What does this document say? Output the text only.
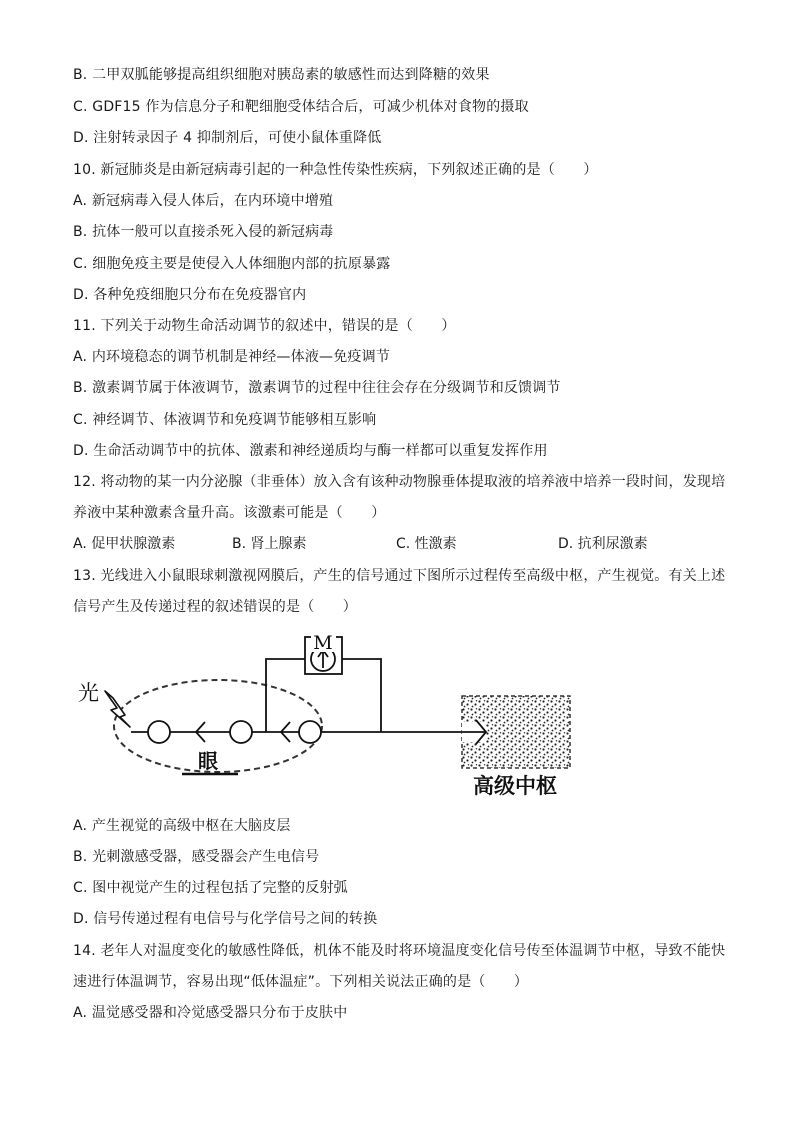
B. 二甲双胍能够提高组织细胞对胰岛素的敏感性而达到降糖的效果
C. GDF15 作为信息分子和靶细胞受体结合后，可减少机体对食物的摄取
D. 注射转录因子 4 抑制剂后，可使小鼠体重降低
10. 新冠肺炎是由新冠病毒引起的一种急性传染性疾病，下列叙述正确的是（　　）
A. 新冠病毒入侵人体后，在内环境中增殖
B. 抗体一般可以直接杀死入侵的新冠病毒
C. 细胞免疫主要是使侵入人体细胞内部的抗原暴露
D. 各种免疫细胞只分布在免疫器官内
11. 下列关于动物生命活动调节的叙述中，错误的是（　　）
A. 内环境稳态的调节机制是神经—体液—免疫调节
B. 激素调节属于体液调节，激素调节的过程中往往会存在分级调节和反馈调节
C. 神经调节、体液调节和免疫调节能够相互影响
D. 生命活动调节中的抗体、激素和神经递质均与酶一样都可以重复发挥作用
12. 将动物的某一内分泌腺（非垂体）放入含有该种动物腺垂体提取液的培养液中培养一段时间，发现培
养液中某种激素含量升高。该激素可能是（　　）
A. 促甲状腺激素	B. 肾上腺素	C. 性激素	D. 抗利尿激素
13. 光线进入小鼠眼球刺激视网膜后，产生的信号通过下图所示过程传至高级中枢，产生视觉。有关上述
信号产生及传递过程的叙述错误的是（　　）
光
M
眼
高级中枢
A. 产生视觉的高级中枢在大脑皮层
B. 光刺激感受器，感受器会产生电信号
C. 图中视觉产生的过程包括了完整的反射弧
D. 信号传递过程有电信号与化学信号之间的转换
14. 老年人对温度变化的敏感性降低，机体不能及时将环境温度变化信号传至体温调节中枢，导致不能快
速进行体温调节，容易出现“低体温症”。下列相关说法正确的是（　　）
A. 温觉感受器和冷觉感受器只分布于皮肤中
